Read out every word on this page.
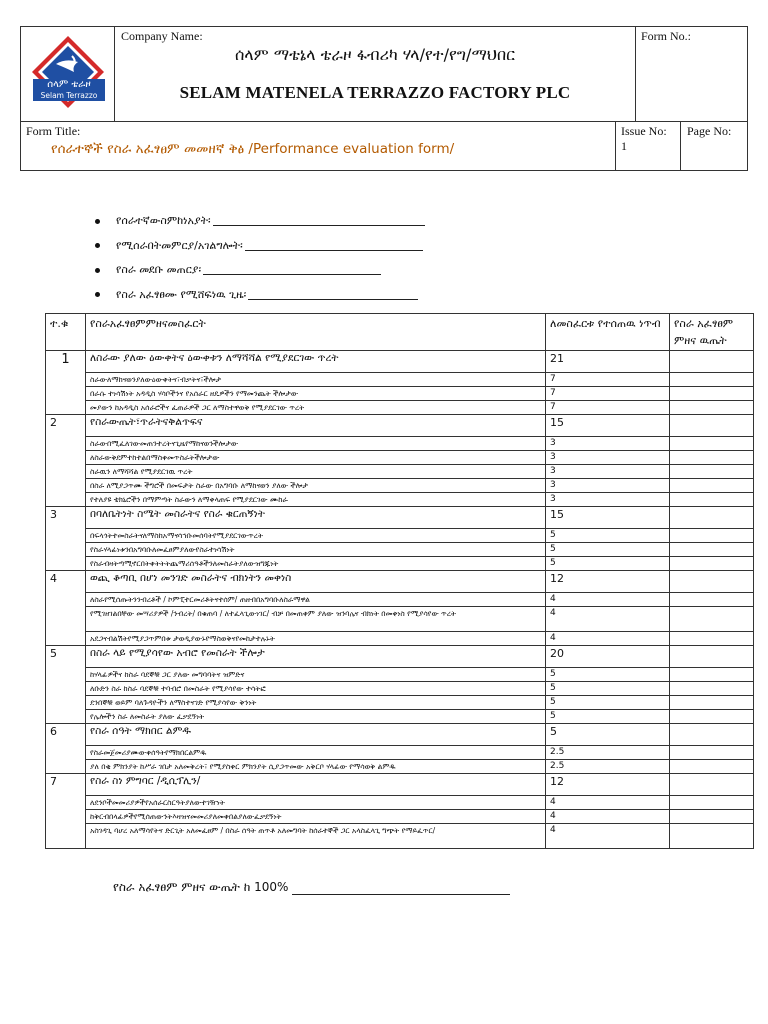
ሰላም ቴራዞ
Selam Terrazzo
Company Name:
ሰላም ማቴኔላ ቴራዞ ፋብሪካ ሃላ/የተ/የግ/ማህበር
SELAM MATENELA TERRAZZO FACTORY PLC
Form No.:
Form Title:
የሰራተኞች የስራ አፈፃፀም መመዘኛ ቅፅ /Performance evaluation form/
Issue No:
1
Page No:
የሰራተኛውስምከነአያት፡
የሚሰራበትመምርያ/አገልግሎት፡
የስራ መደቡ መጠርያ፡
የስራ አፈፃፀሙ የሚሸፍነዉ ጊዜ፡
ተ.ቁ	የስራአፈፃፀምምዘናመስፈርት	ለመስፈርቱ የተሰጠዉ ነጥብ	የስራ አፈፃፀም ምዘና ዉጤት
1	ለስራው ያለው ዕውቀትና ዕውቀቱን ለማሻሻል የሚያደርገው ጥረት	21	
	ስራውለማከናወንያለውዕውቀትና፣ብቃትና፣ችሎታ	7	
	በራሱ ተነሳሽነት አዳዲስ ሃሳቦችንና የአሰራር ዘዴዎችን የማመንጨት ችሎታው	7	
	መያውን ከአዳዲስ አሰራሮችና ፈጠራዎች ጋር ለማስተዋወቅ የሚያደርገው ጥረት	7	
2	የስራውጤት፣ጥራትናቅልጥፍና	15	
	ስራውበሚፈለገውመጠንተረትናጊዜየማከናወንችሎታው	3	
	ለስራውቅደምተከተልበማስቀመጥስራትችሎታው	3	
	ስራዉን ለማሻሻል የሚያደርገዉ ጥረት	3	
	በስራ ለሚያጋጥሙ ችግሮች በመፍታት ስራው በአግባቡ ለማከናወን ያለው ችሎታ	3	
	የተለያዩ ቴክኒሮችን በማምጣት ስራውን ለማቀላጠፍ የሚያደርገው ሙከራ	3	
3	በባለቤትነት ስሜት መስራትና የስራ ቁርጠኝነት	15	
	በፍላጎትተመስራትናለማስከአማናሳኅቡመሰባትየሚያደርገውጥረት	5	
	የስራሃላፊነቱንበአግባቡለመፈፀምያለውየስራተነሳሽነት	5	
	የስራብዛትጣሚኖርበትቀትትትጨማሪሰዓቶችንለመስራትያለውዝግጁነት	5	
4	ወጪ ቆጣቢ በሆነ መንገድ መስራትና ብክነትን መቀነስ	12	
	ለስራየሚሰጡትንንብረቶች / ኮምፒተርመሪቶትናተሰም/ ጠዘብበአግባቡለስራማዋል	4	
	የሚገዘገልበቸው መሣሪያዎች /ንብረት/ በቁጠባ / ለተፈላጊውነገር/ ብቻ በመጠቀም ያለው ዝንባሌና ብክነት በመቀነስ የሚያሳየው ጥረት	4	
	አደጋናብልሽትየሚያጋጥምበቱ ታወዲያውኑየማስወቅናየመከታተሉኑት	4	
5	በስራ ላይ የሚያሳየው አብሮ የመስራት ችሎታ	20	
	ከሃላፊዎችና ከስራ ባደኞቹ ጋር ያለው መግባባትና ዝምድና	5	
	ለቡድን ስራ ከስራ ባደኞቹ ተባብሮ በመስራት የሚያሳየው ተሳትፎ	5	
	ደንበኞቹ ወይም ባለጉዳዮችን ለማስተናገድ የሚያሳየው ቅንነት	5	
	የሌሎችን ስራ ለመስራት ያለው ፈቃደኝነት	5	
6	የስራ ሰዓት ማክበር ልምዱ	5	
	የስራመጀመሪያሙውቀሰዓትየማክበርልምዱ	2.5	
	ያለ በቂ ምክንያት ከሥራ ገበታ አለመቅረት፣ የሚያስቀር ምክንያት ሲያጋጥመው አቅርቦ ሃላፊው የማሳወቅ ልምዱ	2.5	
7	የስራ ስነ ምግባር /ዲሲፕሊን/	12	
	ለደንቦችመመሪያዎችየአሰራርስርዓትያለውተገዥነት	4	
	ከቅርብበላፊዎችየሚሰጠውንትእዛዝናመመሪያለመቀበልያለውፈቃደኝነት	4	
	አስገዳጊ ባሆረ አለማሳየትና ድርጊት አለመፈፀም / በስራ ሰዓት ጠጥቶ አለመግባት ከሰራተኞች ጋር አላስፈላጊ ግጭት የማይፈጥር/	4	
የስራ አፈፃፀም ምዘና ውጤት ከ 100%
